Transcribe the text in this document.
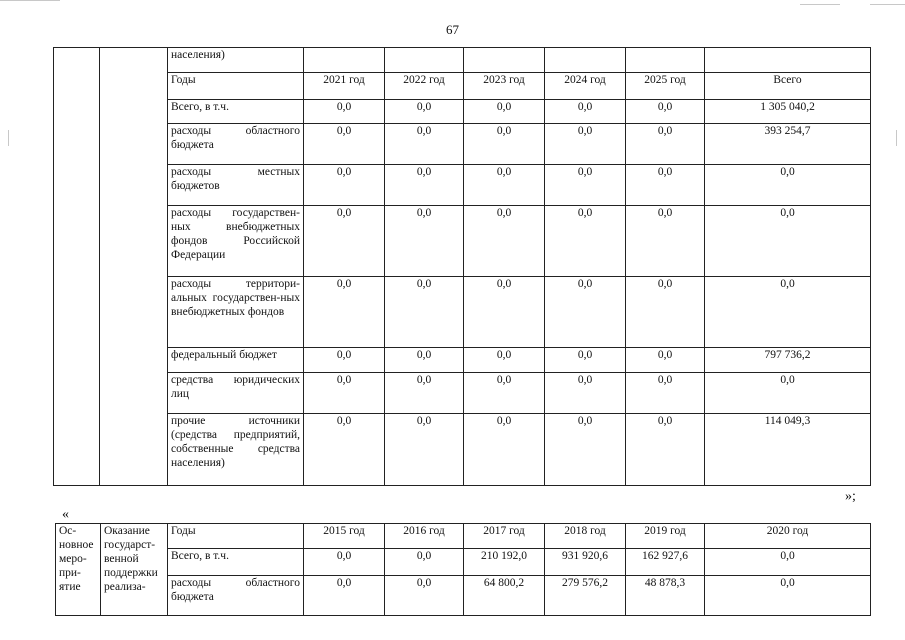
67
		населения)						
		Годы	2021 год	2022 год	2023 год	2024 год	2025 год	Всего
		Всего, в т.ч.	0,0	0,0	0,0	0,0	0,0	1 305 040,2
		расходы областного бюджета	0,0	0,0	0,0	0,0	0,0	393 254,7
		расходы местных бюджетов	0,0	0,0	0,0	0,0	0,0	0,0
		расходы государствен-ных внебюджетных фондов Российской Федерации	0,0	0,0	0,0	0,0	0,0	0,0
		расходы территори-альных государствен-ных внебюджетных фондов	0,0	0,0	0,0	0,0	0,0	0,0
		федеральный бюджет	0,0	0,0	0,0	0,0	0,0	797 736,2
		средства юридических лиц	0,0	0,0	0,0	0,0	0,0	0,0
		прочие источники (средства предприятий, собственные средства населения)	0,0	0,0	0,0	0,0	0,0	114 049,3
»;
«
Ос-новное меро-при-ятие	Оказание государст-венной поддержки реализа-	Годы	2015 год	2016 год	2017 год	2018 год	2019 год	2020 год
		Всего, в т.ч.	0,0	0,0	210 192,0	931 920,6	162 927,6	0,0
		расходы областного бюджета	0,0	0,0	64 800,2	279 576,2	48 878,3	0,0
